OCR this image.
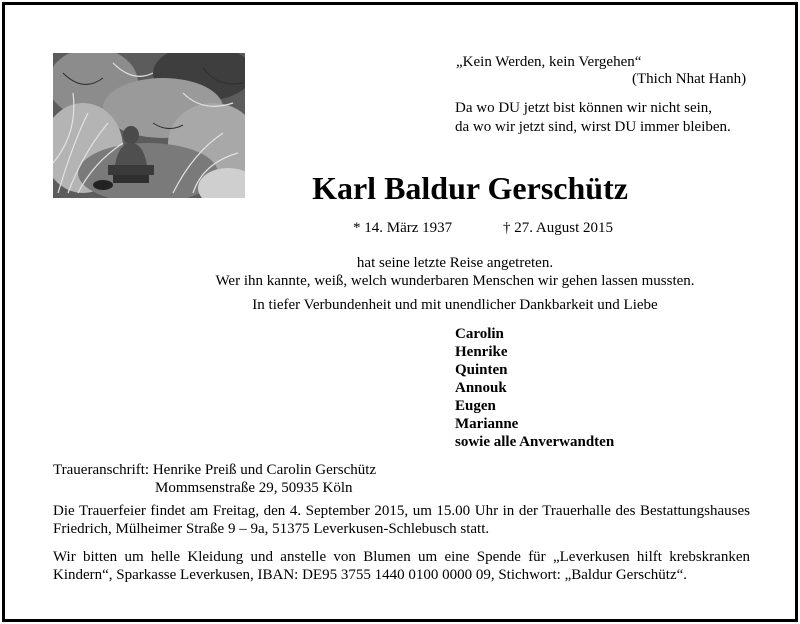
„Kein Werden, kein Vergehen“
(Thich Nhat Hanh)
Da wo DU jetzt bist können wir nicht sein,
da wo wir jetzt sind, wirst DU immer bleiben.
Karl Baldur Gerschütz
* 14. März 1937	† 27. August 2015
hat seine letzte Reise angetreten.
Wer ihn kannte, weiß, welch wunderbaren Menschen wir gehen lassen mussten.
In tiefer Verbundenheit und mit unendlicher Dankbarkeit und Liebe
Carolin
Henrike
Quinten
Annouk
Eugen
Marianne
sowie alle Anverwandten
Traueranschrift: Henrike Preiß und Carolin Gerschütz
Mommsenstraße 29, 50935 Köln
Die Trauerfeier findet am Freitag, den 4. September 2015, um 15.00 Uhr in der Trauerhalle des Bestattungshauses Friedrich, Mülheimer Straße 9 – 9a, 51375 Leverkusen-Schlebusch statt.
Wir bitten um helle Kleidung und anstelle von Blumen um eine Spende für „Leverkusen hilft krebskranken Kindern“, Sparkasse Leverkusen, IBAN: DE95 3755 1440 0100 0000 09, Stichwort: „Baldur Gerschütz“.
